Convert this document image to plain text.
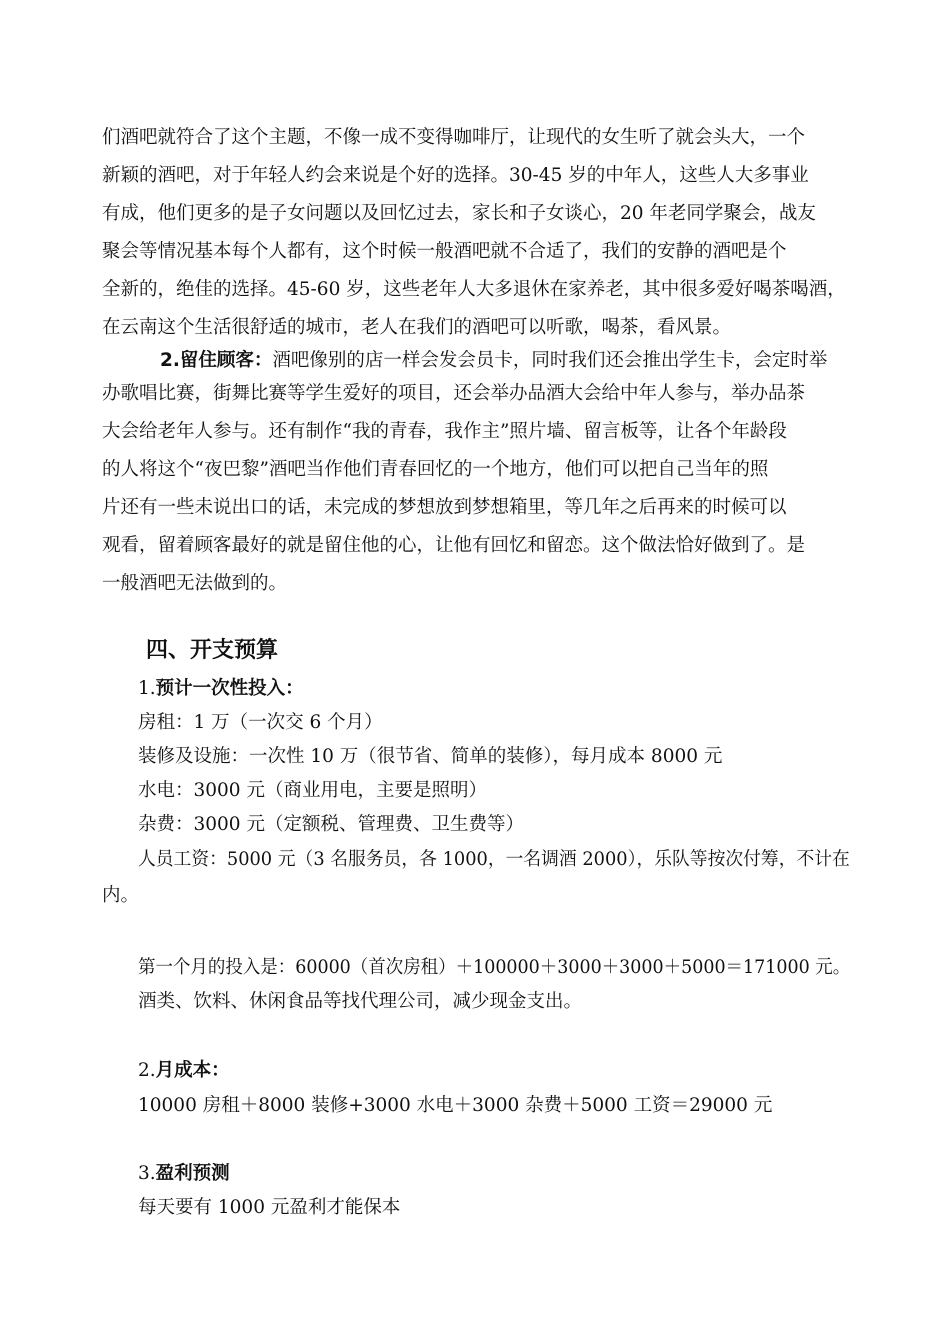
们酒吧就符合了这个主题，不像一成不变得咖啡厅，让现代的女生听了就会头大，一个
新颖的酒吧，对于年轻人约会来说是个好的选择。30-45 岁的中年人，这些人大多事业
有成，他们更多的是子女问题以及回忆过去，家长和子女谈心，20 年老同学聚会，战友
聚会等情况基本每个人都有，这个时候一般酒吧就不合适了，我们的安静的酒吧是个
全新的，绝佳的选择。45-60 岁，这些老年人大多退休在家养老，其中很多爱好喝茶喝酒，
在云南这个生活很舒适的城市，老人在我们的酒吧可以听歌，喝茶，看风景。
2.留住顾客：酒吧像别的店一样会发会员卡，同时我们还会推出学生卡，会定时举
办歌唱比赛，街舞比赛等学生爱好的项目，还会举办品酒大会给中年人参与，举办品茶
大会给老年人参与。还有制作“我的青春，我作主”照片墙、留言板等，让各个年龄段
的人将这个“夜巴黎”酒吧当作他们青春回忆的一个地方，他们可以把自己当年的照
片还有一些未说出口的话，未完成的梦想放到梦想箱里，等几年之后再来的时候可以
观看，留着顾客最好的就是留住他的心，让他有回忆和留恋。这个做法恰好做到了。是
一般酒吧无法做到的。
四、开支预算
1.预计一次性投入：
房租：1 万（一次交 6 个月）
装修及设施：一次性 10 万（很节省、简单的装修），每月成本 8000 元
水电：3000 元（商业用电，主要是照明）
杂费：3000 元（定额税、管理费、卫生费等）
人员工资：5000 元（3 名服务员，各 1000，一名调酒 2000），乐队等按次付筹，不计在
内。
第一个月的投入是：60000（首次房租）＋100000＋3000＋3000＋5000＝171000 元。
酒类、饮料、休闲食品等找代理公司，减少现金支出。
2.月成本：
10000 房租＋8000 装修+3000 水电＋3000 杂费＋5000 工资＝29000 元
3.盈利预测
每天要有 1000 元盈利才能保本
